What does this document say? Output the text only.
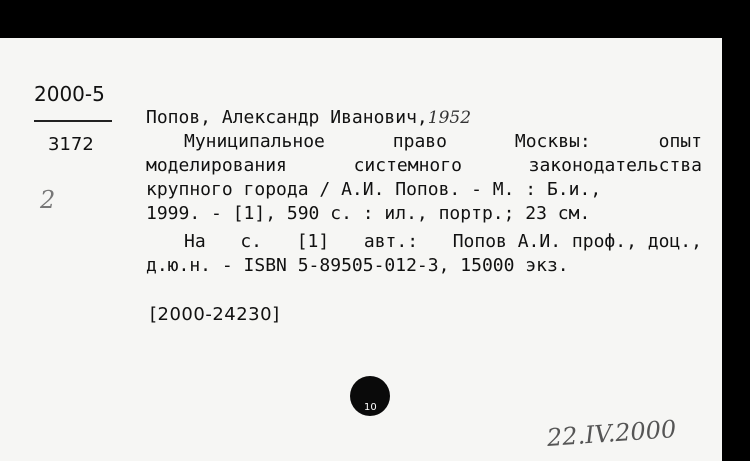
2000-5
3172
2
Попов, Александр Иванович,1952
Муниципальное	право	Москвы:	опыт
моделирования	системного	законодательства
крупного города / А.И. Попов. - М. : Б.и.,
1999. - [1], 590 с. : ил., портр.; 23 см.
На с. [1] авт.: Попов А.И. проф., доц.,
д.ю.н. - ISBN 5-89505-012-3, 15000 экз.
[2000-24230]
10
22.IV.2000
